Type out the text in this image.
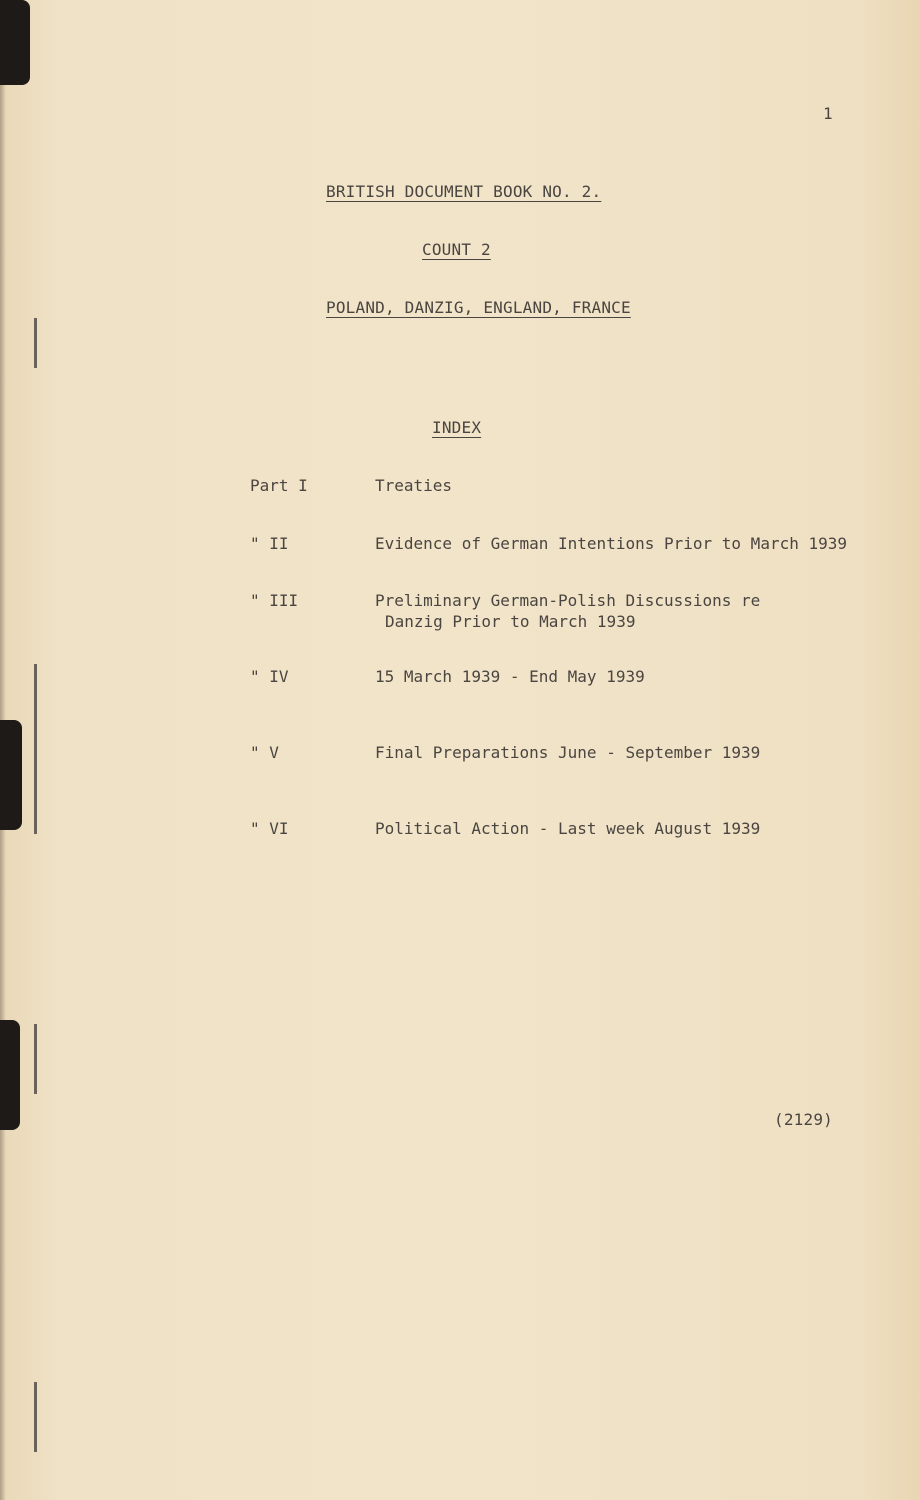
1
BRITISH DOCUMENT BOOK NO. 2.
COUNT 2
POLAND, DANZIG, ENGLAND, FRANCE
INDEX
Part I	Treaties
" II	Evidence of German Intentions Prior to March 1939
" III	Preliminary German-Polish Discussions re
Danzig Prior to March 1939
" IV	15 March 1939 - End May 1939
" V	Final Preparations June - September 1939
" VI	Political Action - Last week August 1939
(2129)
